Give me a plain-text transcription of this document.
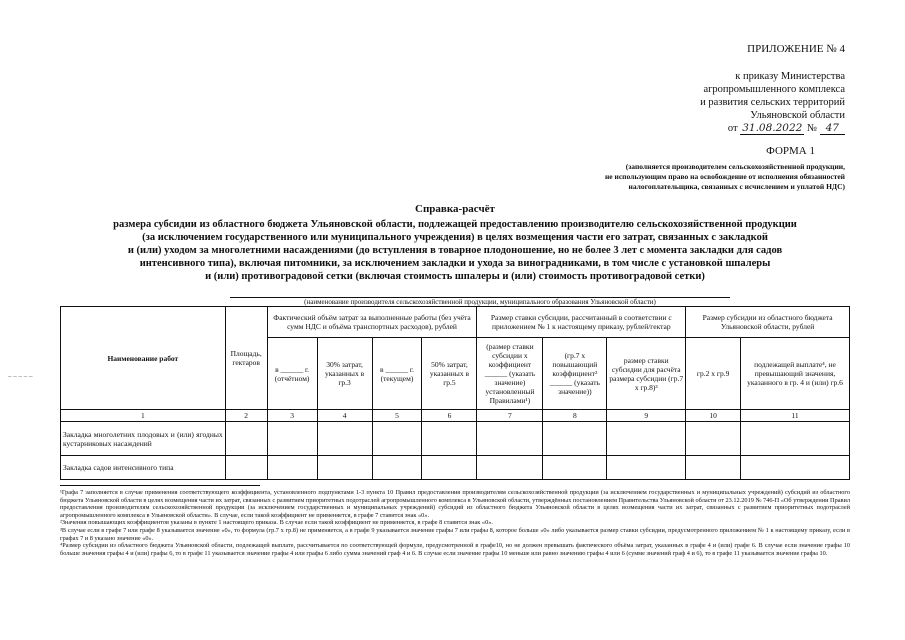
ПРИЛОЖЕНИЕ № 4
к приказу Министерства
агропромышленного комплекса
и развития сельских территорий
Ульяновской области
от 31.08.2022 № 47
ФОРМА 1
(заполняется производителем сельскохозяйственной продукции,
не использующим право на освобождение от исполнения обязанностей
налогоплательщика, связанных с исчислением и уплатой НДС)
Справка-расчёт
размера субсидии из областного бюджета Ульяновской области, подлежащей предоставлению производителю сельскохозяйственной продукции
(за исключением государственного или муниципального учреждения) в целях возмещения части его затрат, связанных с закладкой
и (или) уходом за многолетними насаждениями (до вступления в товарное плодоношение, но не более 3 лет с момента закладки для садов
интенсивного типа), включая питомники, за исключением закладки и ухода за виноградниками, в том числе с установкой шпалеры
и (или) противоградовой сетки (включая стоимость шпалеры и (или) стоимость противоградовой сетки)
(наименование производителя сельскохозяйственной продукции, муниципального образования Ульяновской области)
– – – – –
Наименование работ	Площадь, гектаров	Фактический объём затрат за выполненные работы (без учёта сумм НДС и объёма транспортных расходов), рублей				Размер ставки субсидии, рассчитанный в соответствии с приложением № 1 к настоящему приказу, рублей/гектар			Размер субсидии из областного бюджета Ульяновской области, рублей	
		в ______ г. (отчётном)	30% затрат, указанных в гр.3	в ______ г. (текущем)	50% затрат, указанных в гр.5	(размер ставки субсидии х коэффициент ______ (указать значение) установленный Правилами¹)	(гр.7 х повышающий коэффициент² ______ (указать значение))	размер ставки субсидии для расчёта размера субсидии (гр.7 х гр.8)³	гр.2 х гр.9	подлежащей выплате⁴, не превышающий значения, указанного в гр. 4 и (или) гр.6
1	2	3	4	5	6	7	8	9	10	11
Закладка многолетних плодовых и (или) ягодных кустарниковых насаждений										
Закладка садов интенсивного типа										
¹Графа 7 заполняется в случае применения соответствующего коэффициента, установленного подпунктами 1-3 пункта 10 Правил предоставления производителям сельскохозяйственной продукции (за исключением государственных и муниципальных учреждений) субсидий из областного бюджета Ульяновской области в целях возмещения части их затрат, связанных с развитием приоритетных подотраслей агропромышленного комплекса в Ульяновской области, утверждённых постановлением Правительства Ульяновской области от 23.12.2019 № 746-П «Об утверждении Правил предоставления производителям сельскохозяйственной продукции (за исключением государственных и муниципальных учреждений) субсидий из областного бюджета Ульяновской области в целях возмещения части их затрат, связанных с развитием приоритетных подотраслей агропромышленного комплекса в Ульяновской области». В случае, если такой коэффициент не применяется, в графе 7 ставится знак «0».
²Значения повышающих коэффициентов указаны в пункте 1 настоящего приказа. В случае если такой коэффициент не применяется, в графе 8 ставится знак «0».
³В случае если в графе 7 или графе 8 указывается значение «0», то формула (гр.7 х гр.8) не применяется, а в графе 9 указывается значение графы 7 или графы 8, которое больше «0» либо указывается размер ставки субсидии, предусмотренного приложением № 1 к настоящему приказу, если в графах 7 и 8 указано значение «0».
⁴Размер субсидии из областного бюджета Ульяновской области, подлежащей выплате, рассчитывается по соответствующей формуле, предусмотренной в графе10, но не должен превышать фактического объёма затрат, указанных в графе 4 и (или) графе 6. В случае если значение графы 10 больше значения графы 4 и (или) графы 6, то в графе 11 указывается значение графы 4 или графы 6 либо сумма значений граф 4 и 6. В случае если значение графы 10 меньше или равно значению графы 4 или 6 (сумме значений граф 4 и 6), то в графе 11 указывается значение графы 10.
